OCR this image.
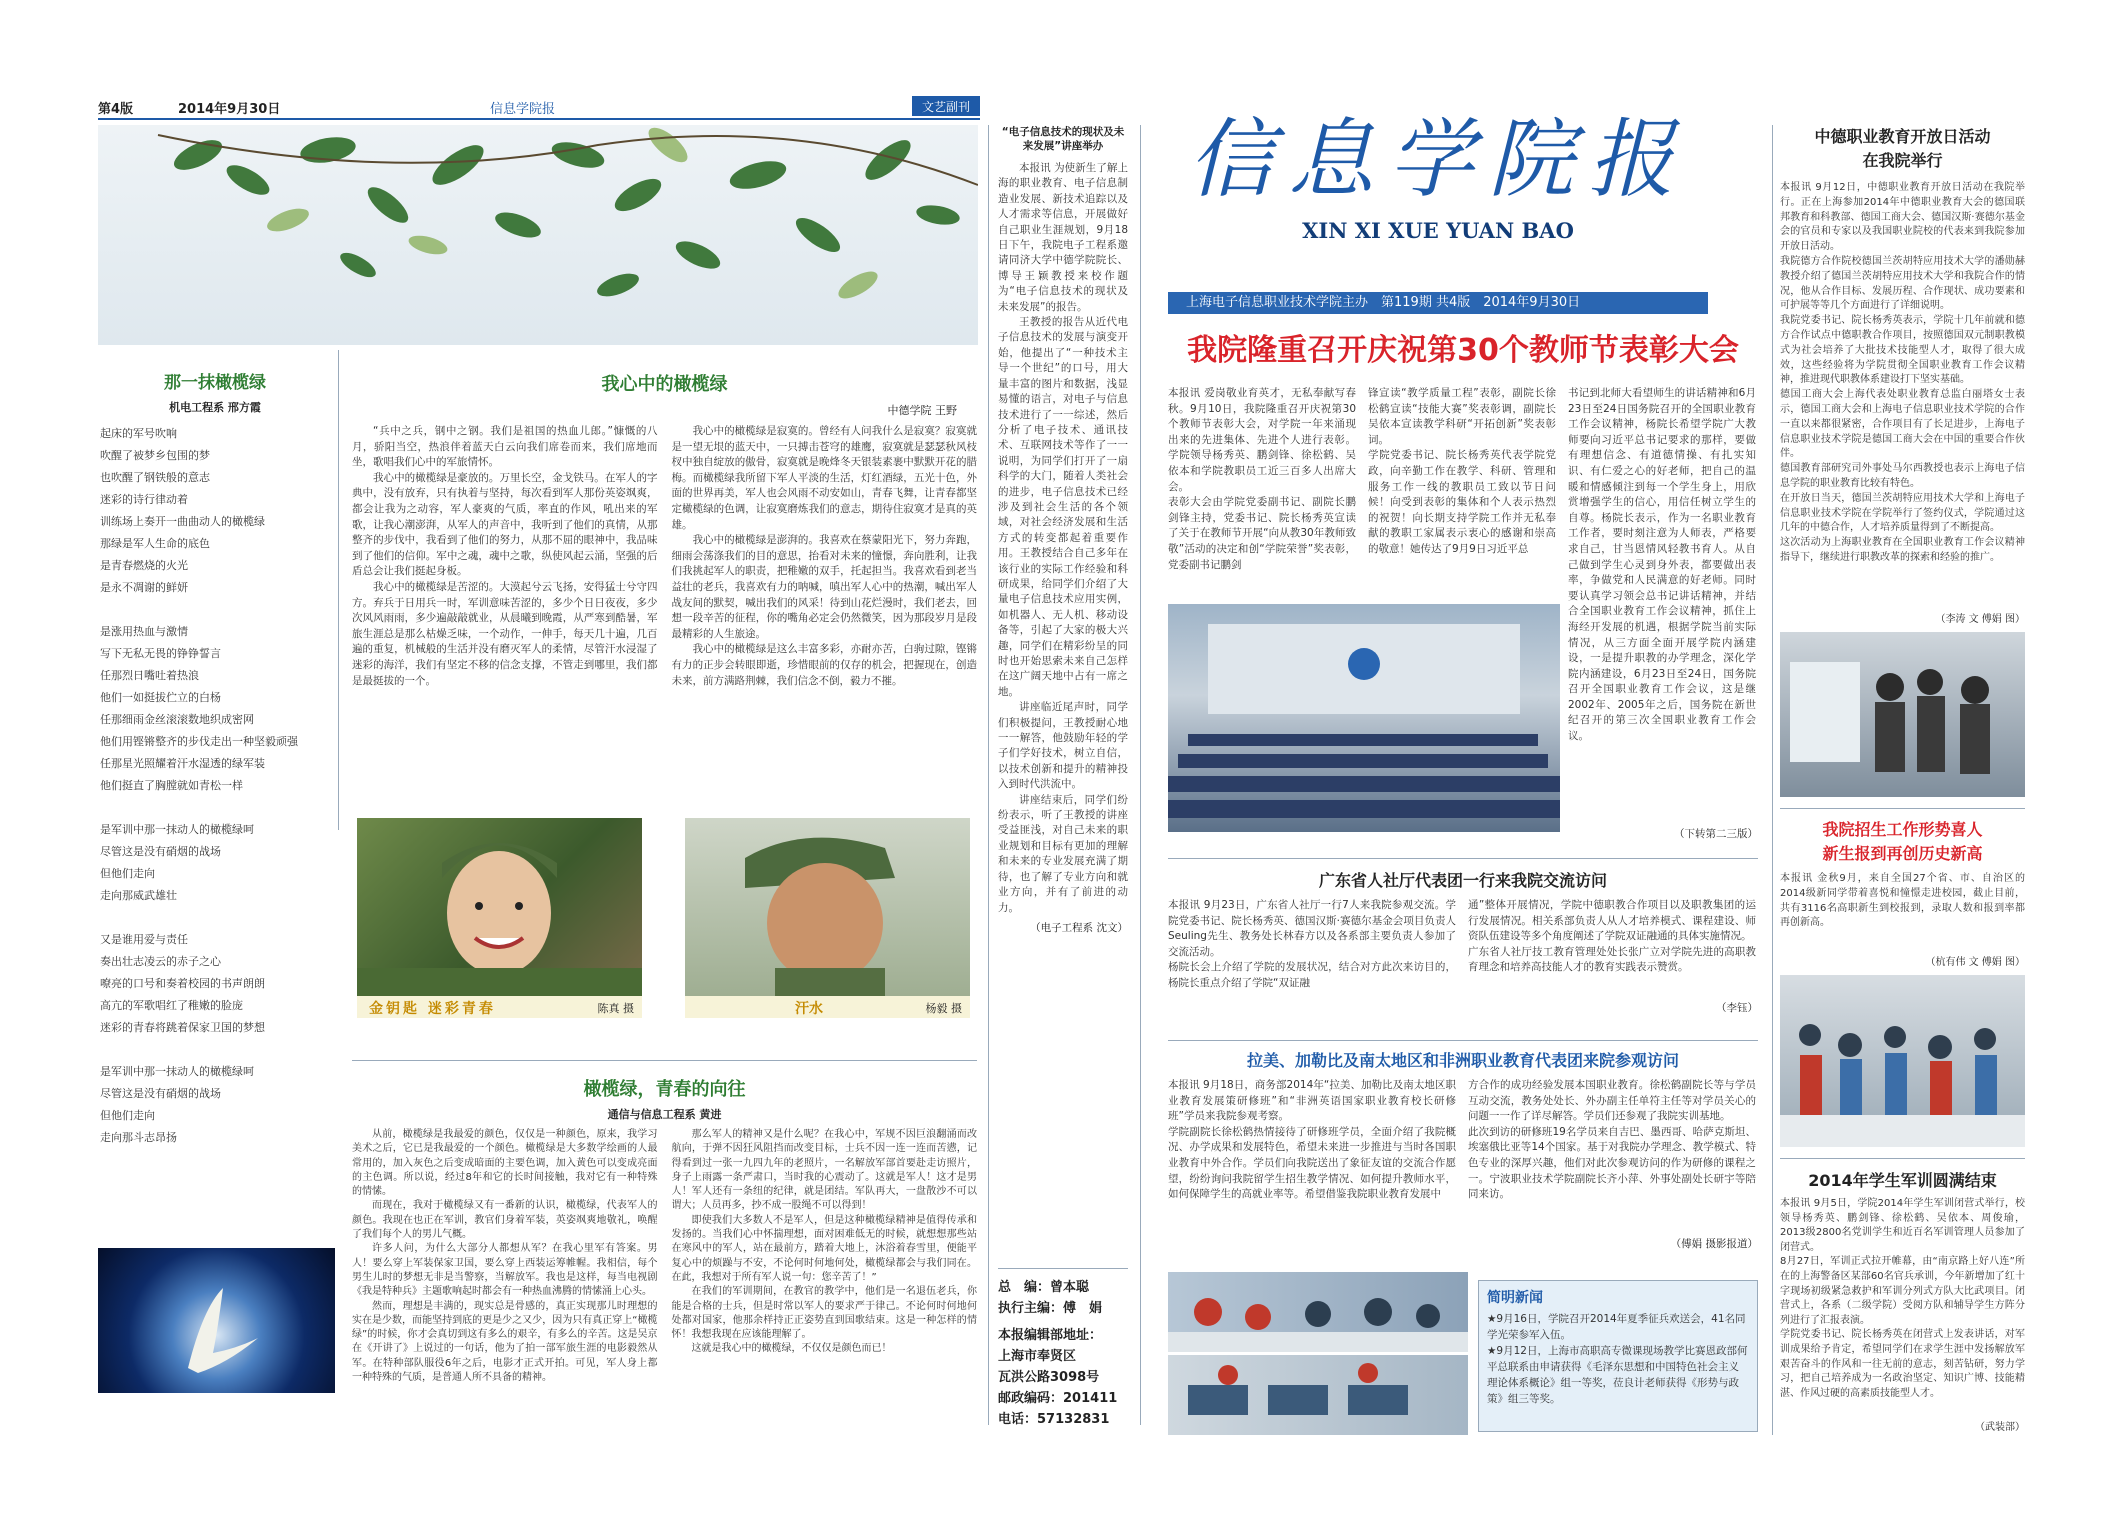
第4版	2014年9月30日	信息学院报	文艺副刊
那一抹橄榄绿
机电工程系 邢方霞
起床的军号吹响
吹醒了被梦乡包围的梦
也吹醒了钢铁般的意志
迷彩的诗行律动着
训练场上奏开一曲曲动人的橄榄绿
那绿是军人生命的底色
是青春燃烧的火光
是永不凋谢的鲜妍
是涨用热血与激情
写下无私无畏的铮铮誓言
任那烈日嘴吐着热浪
他们一如挺拔伫立的白杨
任那细雨金丝滚滚数地织成密网
他们用铿锵整齐的步伐走出一种坚毅顽强
任那星光照耀着汗水湿透的绿军装
他们挺直了胸膛就如青松一样
是军训中那一抹动人的橄榄绿呵
尽管这是没有硝烟的战场
但他们走向
走向那威武雄壮
又是谁用爱与责任
奏出壮志凌云的赤子之心
嘹亮的口号和奏着校园的书声朗朗
高亢的军歌唱红了稚嫩的脸庞
迷彩的青春将跳着保家卫国的梦想
是军训中那一抹动人的橄榄绿呵
尽管这是没有硝烟的战场
但他们走向
走向那斗志昂扬
我心中的橄榄绿
中德学院 王野

“兵中之兵，钢中之钢。我们是祖国的热血儿郎。”慷慨的八月，骄阳当空，热浪伴着蓝天白云向我们席卷而来，我们席地而坐，歌唱我们心中的军旅情怀。

我心中的橄榄绿是豪放的。万里长空，金戈铁马。在军人的字典中，没有放弃，只有执着与坚持，每次看到军人那份英姿飒爽，都会让我为之动容，军人豪爽的气质，率直的作风，吼出来的军歌，让我心潮澎湃，从军人的声音中，我听到了他们的真情，从那整齐的步伐中，我看到了他们的努力，从那不屈的眼神中，我品味到了他们的信仰。军中之魂，魂中之歌，纵使风起云涌，坚强的后盾总会让我们挺起身板。

我心中的橄榄绿是苦涩的。大漠起兮云飞扬，安得猛士兮守四方。弃兵于日用兵一时，军训意味苦涩的，多少个日日夜夜，多少次风风雨雨，多少遍敲敲就业，从晨曦到晚霞，从严寒到酷暑，军旅生涯总是那么枯燥乏味，一个动作，一伸手，每天几十遍，几百遍的重复，机械般的生活并没有磨灭军人的柔情，尽管汗水浸湿了迷彩的海洋，我们有坚定不移的信念支撑，不管走到哪里，我们都是最挺拔的一个。

我心中的橄榄绿是寂寞的。曾经有人问我什么是寂寞？寂寞就是一望无垠的蓝天中，一只搏击苍穹的雄鹰，寂寞就是瑟瑟秋风枝杈中独自绽放的傲骨，寂寞就是晚烽冬天银装素裹中默默开花的腊梅。而橄榄绿我所留下军人平淡的生活，灯红酒绿，五光十色，外面的世界再美，军人也会风雨不动安如山，青春飞舞，让青春都坚定橄榄绿的色调，让寂寞磨炼我们的意志，期待住寂寞才是真的英雄。

我心中的橄榄绿是澎湃的。我喜欢在蔡蒙阳光下，努力奔跑，细雨会荡涤我们的目的意思，抬看对未来的憧憬，奔向胜利，让我们我挑起军人的职责，把稚嫩的双手，托起担当。我喜欢看到老当益壮的老兵，我喜欢有力的呐喊，嗔出军人心中的热潮，喊出军人战友间的默契，喊出我们的风采！待到山花烂漫时，我们老去，回想一段辛苦的征程，你的嘴角必定会仍然微笑，因为那段岁月是段最精彩的人生旅途。

我心中的橄榄绿是这么丰富多彩，亦耐亦苦，白驹过隙，铿锵有力的正步会转眼即逝，珍惜眼前的仅存的机会，把握现在，创造未来，前方满路荆棘，我们信念不倒，毅力不摧。

金钥匙 迷彩青春	陈真 摄	汗水	杨毅 摄
橄榄绿，青春的向往
通信与信息工程系 黄进

从前，橄榄绿是我最爱的颜色，仅仅是一种颜色，原来，我学习美术之后，它已是我最爱的一个颜色。橄榄绿是大多数学绘画的人最常用的，加入灰色之后变成暗面的主要色调，加入黄色可以变成亮面的主色调。所以说，经过8年和它的长时间接触，我对它有一种特殊的情愫。

而现在，我对于橄榄绿又有一番新的认识，橄榄绿，代表军人的颜色。我现在也正在军训，教官们身着军装，英姿飒爽地敬礼，唤醒了我们每个人的男儿气概。

许多人问，为什么大部分人都想从军？在我心里军有答案。男人！要么穿上军装保家卫国，要么穿上西装运筹帷幄。我相信，每个男生儿时的梦想无非是当警察，当解放军。我也是这样，每当电视剧《我是特种兵》主题歌响起时都会有一种热血沸腾的情愫涌上心头。

然而，理想是丰满的，现实总是骨感的，真正实现那儿时理想的实在是少数，而能坚持到底的更是少之又少，因为只有真正穿上“橄榄绿”的时候，你才会真切到这有多么的艰辛，有多么的辛苦。这是吴京在《开讲了》上说过的一句话，他为了拍一部军旅生涯的电影毅然从军。在特种部队服役6年之后，电影才正式开拍。可见，军人身上都一种特殊的气质，是普通人所不具备的精神。

那么军人的精神又是什么呢？在我心中，军规不因巨浪翻涌而改航向，于弹不因狂风阻挡而改变目标，士兵不因一连一连而苦懑，记得看到过一张一九四九年的老照片，一名解放军部首要赴走访照片，身子上雨露一条严肃口，当时我的心震动了。这就是军人！这才是男人！军人还有一条纽的纪律，就是团结。军队再大，一盘散沙不可以谓大；人员再多，抄不成一股绳不可以得到！

即使我们大多数人不是军人，但是这种橄榄绿精神是值得传承和发扬的。当我们心中怀揣理想，面对困难低无的时候，就想想那些站在寒风中的军人，站在最前方，踏着大地上，沐浴着春雪里，便能平复心中的烦躁与不安，不论何时何地何处，橄榄绿都会与我们同在。在此，我想对于所有军人说一句：您辛苦了！”

在我们的军训期间，在教官的教学中，他们是一名退伍老兵，你能是合格的士兵，但是时常以军人的要求严于律己。不论何时何地何处都对国家，他那余样持正正姿势直到国歌结束。这是一种怎样的情怀！我想我现在应该能理解了。

这就是我心中的橄榄绿，不仅仅是颜色而已！

“电子信息技术的现状及未来发展”讲座举办

本报讯 为使新生了解上海的职业教育、电子信息制造业发展、新技术追踪以及人才需求等信息，开展做好自己职业生涯规划，9月18日下午，我院电子工程系邀请同济大学中德学院院长、博导王颖教授来校作题为“电子信息技术的现状及未来发展”的报告。

王教授的报告从近代电子信息技术的发展与演变开始，他提出了“一种技术主导一个世纪”的口号，用大量丰富的图片和数据，浅显易懂的语言，对电子与信息技术进行了一一综述，然后分析了电子技术、通讯技术、互联网技术等作了一一说明，为同学们打开了一扇科学的大门，随着人类社会的进步，电子信息技术已经涉及到社会生活的各个领域，对社会经济发展和生活方式的转变都起着重要作用。王教授结合自己多年在该行业的实际工作经验和科研成果，给同学们介绍了大量电子信息技术应用实例，如机器人、无人机、移动设备等，引起了大家的极大兴趣，同学们在精彩纷呈的同时也开始思索未来自己怎样在这广阔天地中占有一席之地。

讲座临近尾声时，同学们积极提问，王教授耐心地一一解答，他鼓励年轻的学子们学好技术，树立自信，以技术创新和提升的精神投入到时代洪流中。

讲座结束后，同学们纷纷表示，听了王教授的讲座受益匪浅，对自己未来的职业规划和目标有更加的理解和未来的专业发展充满了期待，也了解了专业方向和就业方向，并有了前进的动力。

（电子工程系 沈文）
总　编：曾本聪
执行主编：傅　娟
本报编辑部地址：
上海市奉贤区
瓦洪公路3098号
邮政编码：201411
电话：57132831
信息学院报
XIN XI XUE YUAN BAO
上海电子信息职业技术学院主办　第119期 共4版　2014年9月30日
我院隆重召开庆祝第30个教师节表彰大会
本报讯 爱岗敬业育英才，无私奉献写春秋。9月10日，我院隆重召开庆祝第30个教师节表彰大会，对学院一年来涌现出来的先进集体、先进个人进行表彰。学院领导杨秀英、鹏剑锋、徐松鹤、吴依本和学院教职员工近三百多人出席大会。
表彰大会由学院党委副书记、副院长鹏剑锋主持，党委书记、院长杨秀英宣读了关于在教师节开展“向从教30年教师致敬”活动的决定和创“学院荣誉”奖表彰，党委副书记鹏剑
锋宣读“教学质量工程”表彰，副院长徐松鹤宣读“技能大赛”奖表彰调，副院长吴依本宣读教学科研“开拓创新”奖表彰词。
学院党委书记、院长杨秀英代表学院党政，向辛勤工作在教学、科研、管理和服务工作一线的教职员工致以节日问候！向受到表彰的集体和个人表示热烈的祝贺！向长期支持学院工作并无私奉献的教职工家属表示衷心的感谢和崇高的敬意！她传达了9月9日习近平总
书记到北师大看望师生的讲话精神和6月23日至24日国务院召开的全国职业教育工作会议精神，杨院长希望学院广大教师要向习近平总书记要求的那样，要做有理想信念、有道德情操、有扎实知识、有仁爱之心的好老师，把自己的温暖和情感倾注到每一个学生身上，用欣赏增强学生的信心，用信任树立学生的自尊。杨院长表示，作为一名职业教育工作者，要时刻注意为人师表，严格要求自己，甘当恩情风轻教书育人。从自己做到学生心灵到身外表，都要做出表率，争做党和人民满意的好老师。同时要认真学习领会总书记讲话精神，并结合全国职业教育工作会议精神，抓住上海经开发展的机遇，根据学院当前实际情况，从三方面全面开展学院内涵建设，一是提升职教的办学理念，深化学院内涵建设，6月23日至24日，国务院召开全国职业教育工作会议，这是继2002年、2005年之后，国务院在新世纪召开的第三次全国职业教育工作会议。
（下转第二三版）
广东省人社厅代表团一行来我院交流访问
本报讯 9月23日，广东省人社厅一行7人来我院参观交流。学院党委书记、院长杨秀英、德国汉斯·赛德尔基金会项目负责人Seuling先生、教务处长林春方以及各系部主要负责人参加了交流活动。
杨院长会上介绍了学院的发展状况，结合对方此次来访目的，杨院长重点介绍了学院“双证融
通”整体开展情况，学院中德职教合作项目以及职教集团的运行发展情况。相关系部负责人从人才培养模式、课程建设、师资队伍建设等多个角度阐述了学院双证融通的具体实施情况。
广东省人社厅技工教育管理处处长张广立对学院先进的高职教育理念和培养高技能人才的教育实践表示赞赏。
（李钰）
拉美、加勒比及南太地区和非洲职业教育代表团来院参观访问
本报讯 9月18日，商务部2014年“拉美、加勒比及南太地区职业教育发展策研修班”和“非洲英语国家职业教育校长研修班”学员来我院参观考察。
学院副院长徐松鹤热情接待了研修班学员，全面介绍了我院概况、办学成果和发展特色，希望未来进一步推进与当时各国职业教育中外合作。学员们向我院送出了象征友谊的交流合作愿望，纷纷询问我院留学生招生教学情况、如何提升教师水平，如何保障学生的高就业率等。希望借鉴我院职业教育发展中
方合作的成功经验发展本国职业教育。徐松鹤副院长等与学员互动交流，教务处处长、外办副主任单符主任等对学员关心的问题一一作了详尽解答。学员们还参观了我院实训基地。
此次到访的研修班19名学员来自吉巴、墨西哥、哈萨克斯坦、埃塞俄比亚等14个国家。基于对我院办学理念、教学模式、特色专业的深厚兴趣，他们对此次参观访问的作为研修的课程之一。宁波职业技术学院副院长齐小萍、外事处副处长研宇等陪同来访。
（傅娟 摄影报道）
简明新闻
★9月16日，学院召开2014年夏季征兵欢送会，41名同学光荣参军入伍。
★9月12日，上海市高职高专微课现场教学比赛恩政部何平总联系由申请获得《毛泽东思想和中国特色社会主义理论体系概论》组一等奖，莅良计老师获得《形势与政策》组三等奖。
中德职业教育开放日活动
在我院举行
本报讯 9月12日，中德职业教育开放日活动在我院举行。正在上海参加2014年中德职业教育大会的德国联邦教育和科教部、德国工商大会、德国汉斯·赛德尔基金会的官员和专家以及我国职业院校的代表来到我院参加开放日活动。
我院德方合作院校德国兰茨胡特应用技术大学的潘勋赫教授介绍了德国兰茨胡特应用技术大学和我院合作的情况，他从合作目标、发展历程、合作现状、成功要素和可护展等等几个方面进行了详细说明。
我院党委书记、院长杨秀英表示，学院十几年前就和德方合作试点中德职教合作项目，按照德国双元制职教模式为社会培养了大批技术技能型人才，取得了很大成效，这些经验将为学院贯彻全国职业教育工作会议精神，推进现代职教体系建设打下坚实基础。
德国工商大会上海代表处职业教育总监白丽塔女士表示，德国工商大会和上海电子信息职业技术学院的合作一直以来都很紧密，合作项目有了长足进步，上海电子信息职业技术学院是德国工商大会在中国的重要合作伙伴。
德国教育部研究司外事处马尔西教授也表示上海电子信息学院的职业教育比较有特色。
在开放日当天，德国兰茨胡特应用技术大学和上海电子信息职业技术学院在学院举行了签约仪式，学院通过这几年的中德合作，人才培养质量得到了不断提高。
这次活动为上海职业教育在全国职业教育工作会议精神指导下，继续进行职教改革的探索和经验的推广。
（李涛 文 傅娟 图）
我院招生工作形势喜人
新生报到再创历史新高
本报讯 金秋9月，来自全国27个省、市、自治区的2014级新同学带着喜悦和憧憬走进校园，截止目前，共有3116名高职新生到校报到，录取人数和报到率都再创新高。
（杭有伟 文 傅娟 图）
2014年学生军训圆满结束
本报讯 9月5日，学院2014年学生军训闭营式举行，校领导杨秀英、鹏剑锋、徐松鹤、吴依本、周俊瑜，2013级2800名党训学生和近百名军训管理人员参加了闭营式。
8月27日，军训正式拉开帷幕，由“南京路上好八连”所在的上海警备区某部60名官兵承训，今年新增加了红十字现场初级紧急救护和军训分列式方队大比武项目。闭营式上，各系（二级学院）受阅方队和辅导学生方阵分列进行了汇报表演。
学院党委书记、院长杨秀英在闭营式上发表讲话，对军训成果给予肯定，希望同学们在求学生涯中发扬解放军艰苦奋斗的作风和一往无前的意志，刻苦钻研，努力学习，把自己培养成为一名政治坚定、知识广博、技能精湛、作风过硬的高素质技能型人才。
（武装部）
